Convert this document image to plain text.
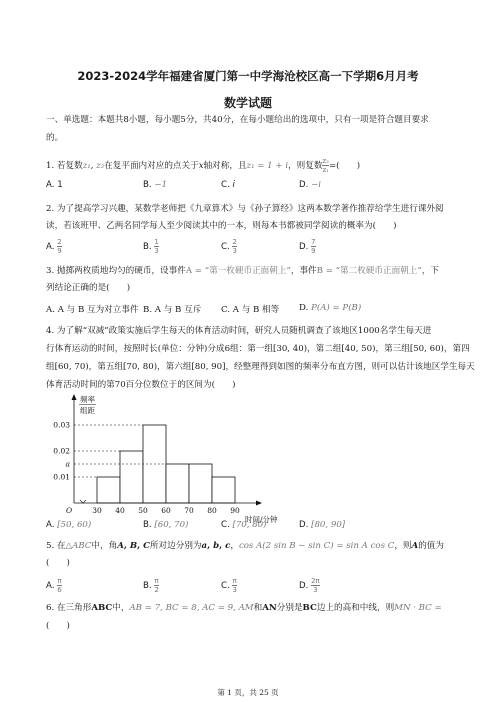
2023-2024学年福建省厦门第一中学海沧校区高一下学期6月月考
数学试题
一、单选题：本题共8小题，每小题5分，共40分，在每小题给出的选项中，只有一项是符合题目要求
的。
1. 若复数z₁, z₂在复平面内对应的点关于x轴对称，且z₁ = 1 + i，则复数 $\frac{\text{z₂}}{\text{z₁}}$ =(　　)
A. 1	B. −1	C. i	D. −i
2. 为了提高学习兴趣，某数学老师把《九章算术》与《孙子算经》这两本数学著作推荐给学生进行课外阅
读，若该班甲、乙两名同学每人至少阅读其中的一本，则每本书都被同学阅读的概率为(　　)
A. $\frac{2}{9}$	B. $\frac{1}{3}$	C. $\frac{2}{3}$	D. $\frac{7}{9}$
3. 抛掷两枚质地均匀的硬币，设事件A = “第一枚硬币正面朝上”，事件B = “第二枚硬币正面朝上”，下
列结论正确的是(　　)
A. A 与 B 互为对立事件 B. A 与 B 互斥 C. A 与 B 相等 D. P(A) = P(B)
4. 为了解“双减”政策实施后学生每天的体育活动时间，研究人员随机调查了该地区1000名学生每天进
行体育运动的时间，按照时长(单位：分钟)分成6组：第一组[30, 40)，第二组[40, 50)，第三组[50, 60)，第四
组[60, 70)，第五组[70, 80)，第六组[80, 90]，经整理得到如图的频率分布直方图，则可以估计该地区学生每天
体育活动时间的第70百分位数位于的区间为(　　)
0.03
0.02
a
0.01
30 40 50 60 70 80 90
O
时间/分钟
频率
组距
A. [50, 60)	B. [60, 70)	C. [70, 80)	D. [80, 90]
5. 在△ABC中，角A, B, C所对边分别为a, b, c，cos A(2 sin B − sin C) = sin A cos C，则A的值为
(　　)
A. $\frac{\pi}{6}$	B. $\frac{\pi}{2}$	C. $\frac{\pi}{3}$	D. $\frac{2\pi}{3}$
6. 在三角形ABC中，AB = 7, BC = 8, AC = 9, AM和AN分别是BC边上的高和中线，则MN · BC =
(　　)
第 1 页，共 25 页
